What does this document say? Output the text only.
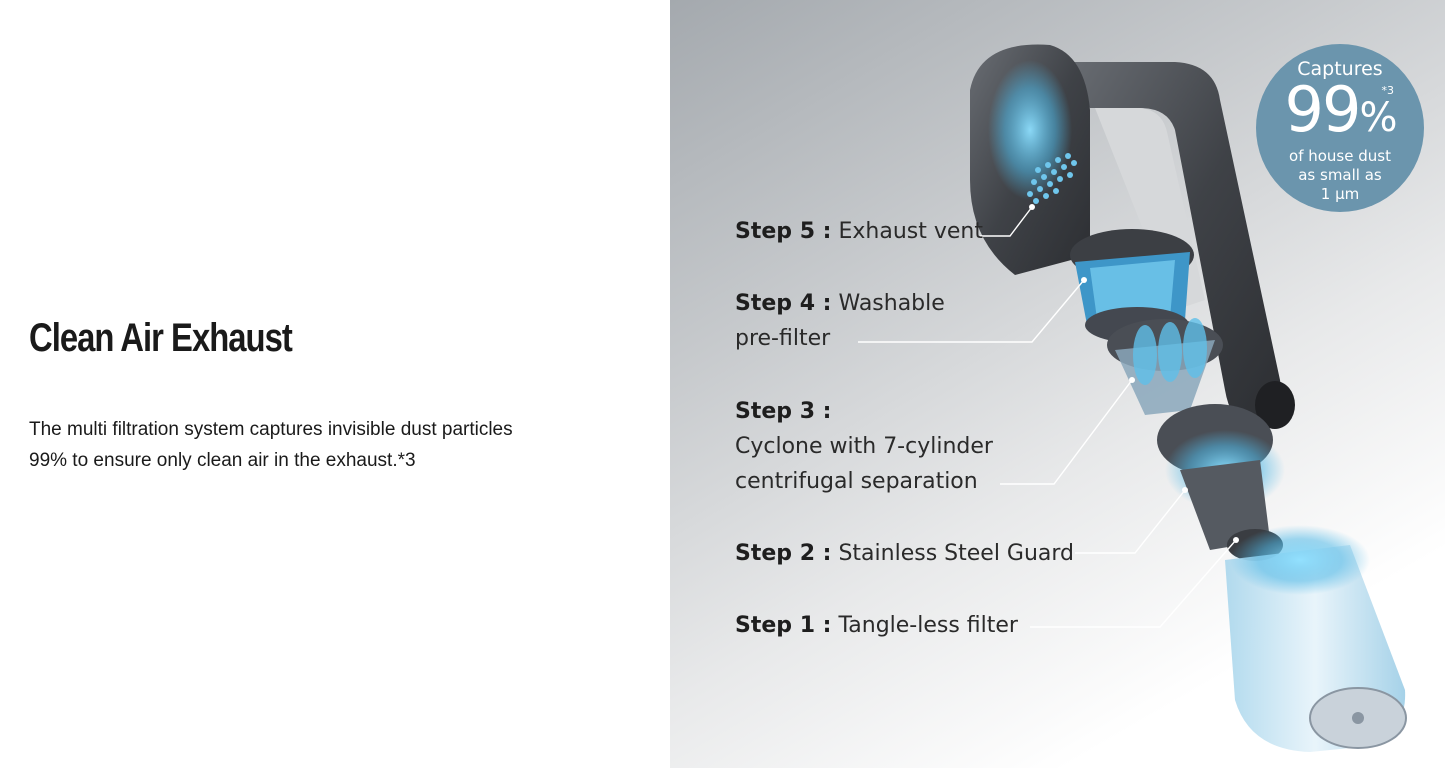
Clean Air Exhaust

The multi filtration system captures invisible dust particles 99% to ensure only clean air in the exhaust.*3

Step 5 : Exhaust vent
Step 4 : Washable
pre-filter
Step 3 :
Cyclone with 7-cylinder
centrifugal separation
Step 2 : Stainless Steel Guard
Step 1 : Tangle-less filter
Captures
99%
*3
of house dust
as small as
1 μm
